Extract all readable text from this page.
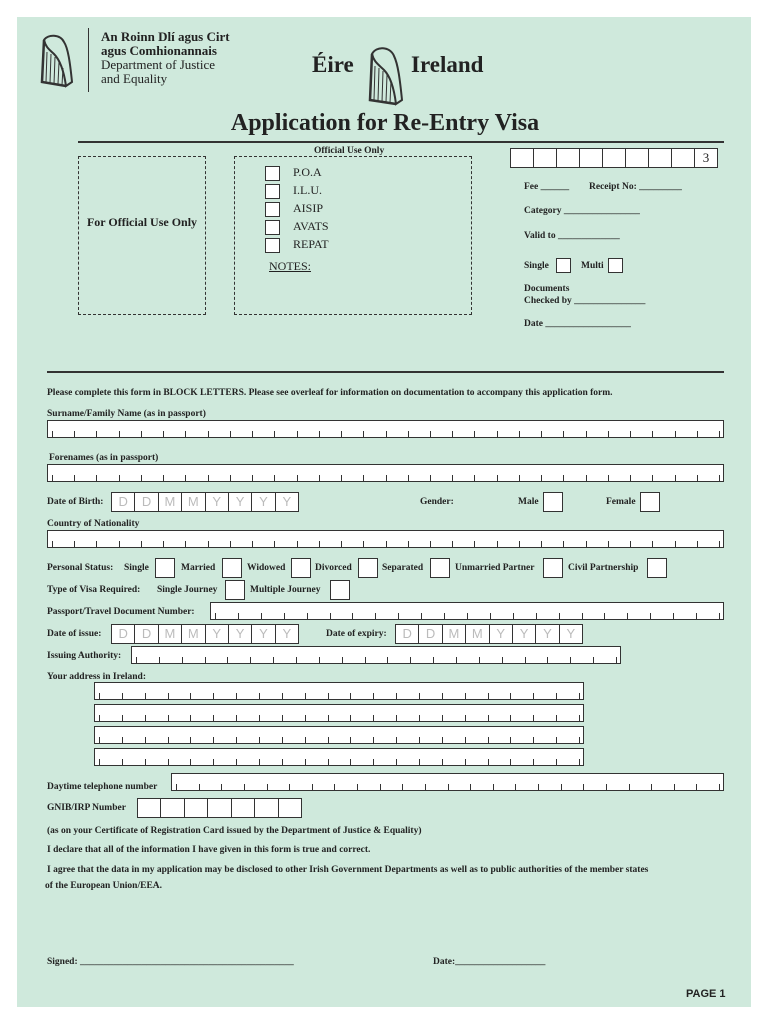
An Roinn Dlí agus Cirt
agus Comhionannais
Department of Justice
and Equality
Éire Ireland
Application for Re-Entry Visa
Official Use Only
For Official Use Only
P.O.A
I.L.U.
AISIP
AVATS
REPAT
NOTES:
3
Fee ______ Receipt No: _________
Category ________________
Valid to _____________
Single	Multi
Documents
Checked by _______________
Date __________________
Please complete this form in BLOCK LETTERS. Please see overleaf for information on documentation to accompany this application form.
Surname/Family Name (as in passport)
Forenames (as in passport)
Date of Birth:	D	D	M M	Y	Y	Y	Y	Gender:	Male	Female
Country of Nationality
Personal Status: Single	Married	Widowed	Divorced	Separated	Unmarried Partner	Civil Partnership
Type of Visa Required: Single Journey	Multiple Journey
Passport/Travel Document Number:
Date of issue:	D	D	M M	Y	Y	Y	Y	Date of expiry:	D	D	M M	Y	Y	Y	Y
Issuing Authority:
Your address in Ireland:
Daytime telephone number
GNIB/IRP Number
(as on your Certificate of Registration Card issued by the Department of Justice & Equality)
I declare that all of the information I have given in this form is true and correct.
I agree that the data in my application may be disclosed to other Irish Government Departments as well as to public authorities of the member states
of the European Union/EEA.
Signed: _____________________________________________	Date:___________________
PAGE 1
